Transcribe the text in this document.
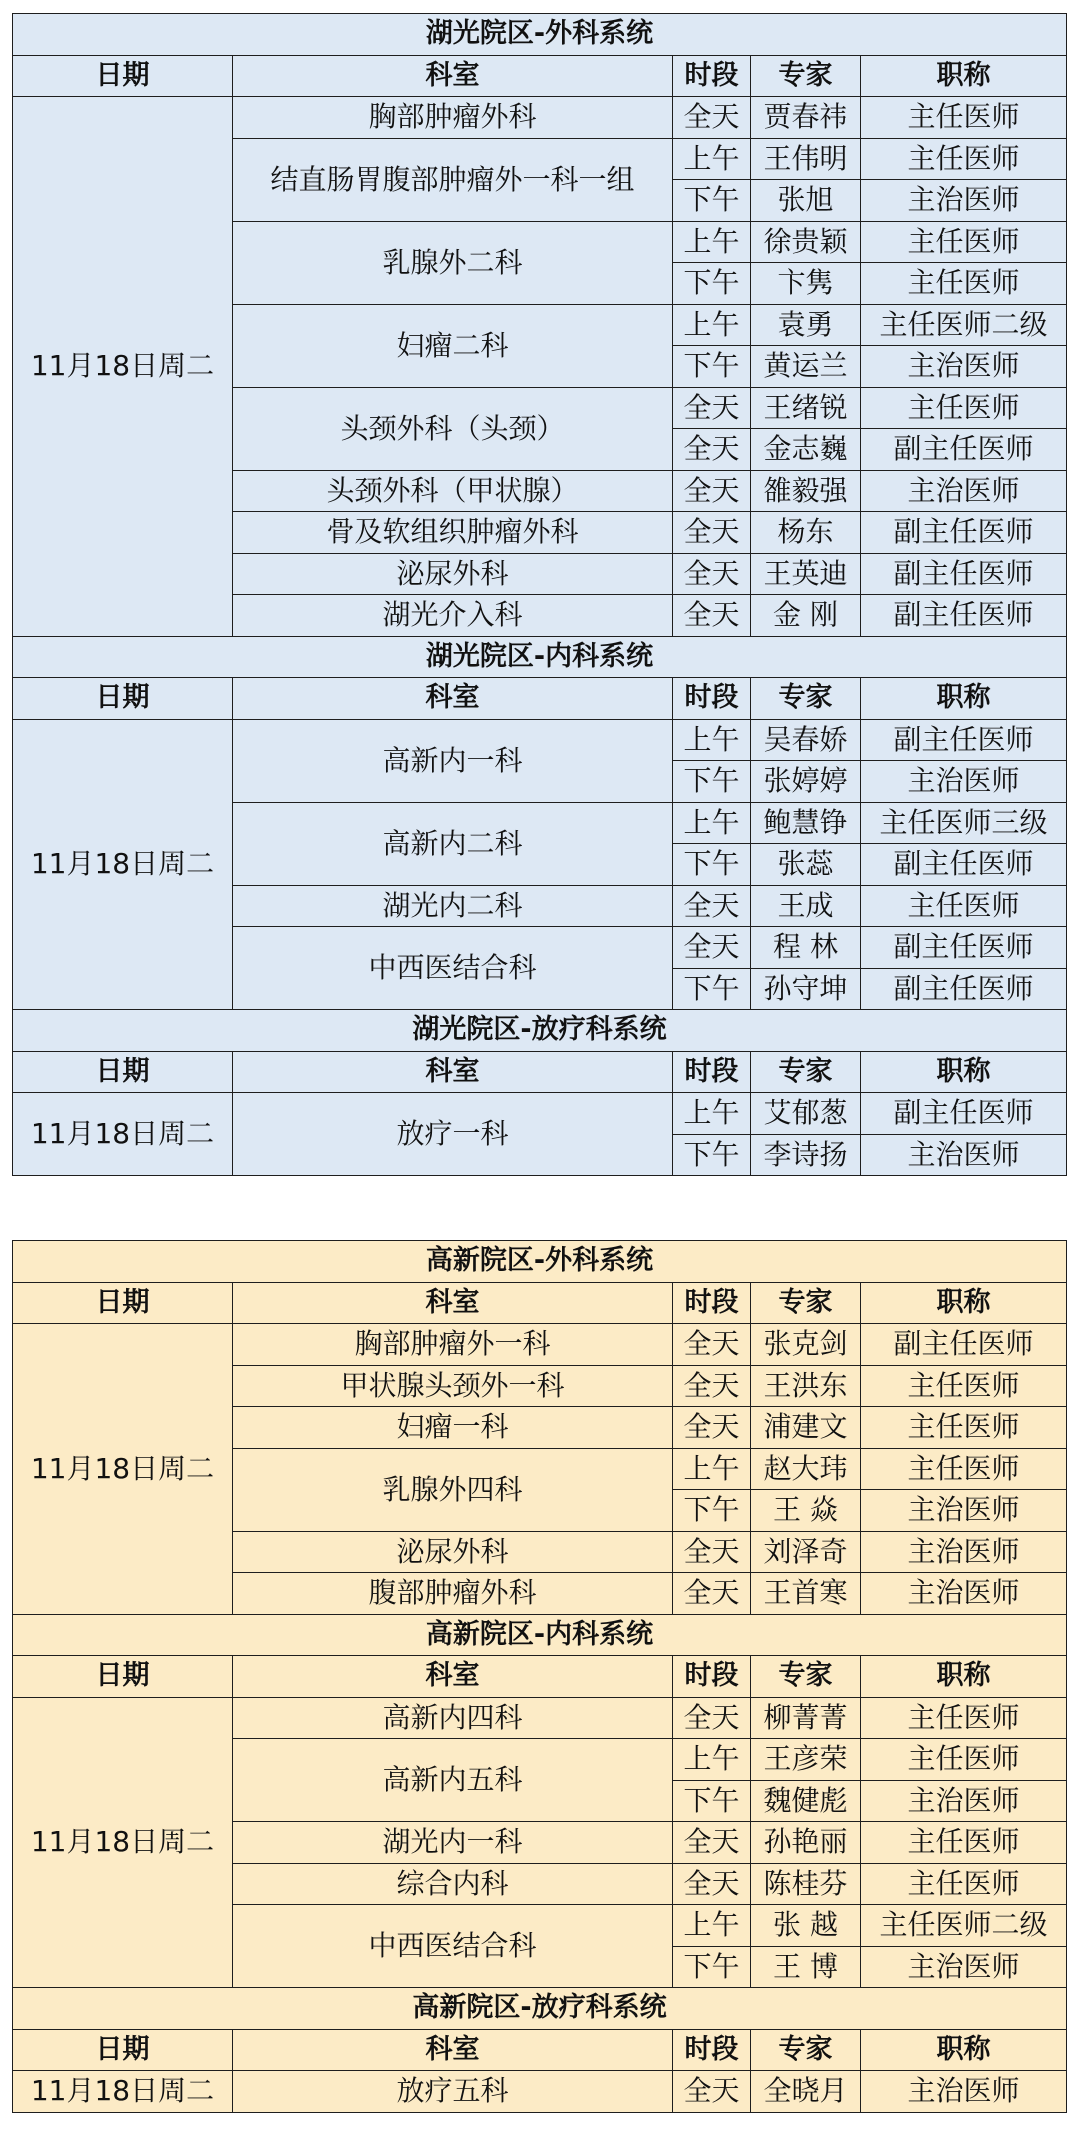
湖光院区-外科系统				
日期	科室	时段	专家	职称
11月18日周二	胸部肿瘤外科	全天	贾春祎	主任医师
	结直肠胃腹部肿瘤外一科一组	上午	王伟明	主任医师
		下午	张旭	主治医师
	乳腺外二科	上午	徐贵颖	主任医师
		下午	卞隽	主任医师
	妇瘤二科	上午	袁勇	主任医师二级
		下午	黄运兰	主治医师
	头颈外科（头颈）	全天	王绪锐	主任医师
		全天	金志巍	副主任医师
	头颈外科（甲状腺）	全天	雒毅强	主治医师
	骨及软组织肿瘤外科	全天	杨东	副主任医师
	泌尿外科	全天	王英迪	副主任医师
	湖光介入科	全天	金 刚	副主任医师
湖光院区-内科系统				
日期	科室	时段	专家	职称
11月18日周二	高新内一科	上午	吴春娇	副主任医师
		下午	张婷婷	主治医师
	高新内二科	上午	鲍慧铮	主任医师三级
		下午	张蕊	副主任医师
	湖光内二科	全天	王成	主任医师
	中西医结合科	全天	程 林	副主任医师
		下午	孙守坤	副主任医师
湖光院区-放疗科系统				
日期	科室	时段	专家	职称
11月18日周二	放疗一科	上午	艾郁葱	副主任医师
		下午	李诗扬	主治医师
高新院区-外科系统				
日期	科室	时段	专家	职称
11月18日周二	胸部肿瘤外一科	全天	张克剑	副主任医师
	甲状腺头颈外一科	全天	王洪东	主任医师
	妇瘤一科	全天	浦建文	主任医师
	乳腺外四科	上午	赵大玮	主任医师
		下午	王 焱	主治医师
	泌尿外科	全天	刘泽奇	主治医师
	腹部肿瘤外科	全天	王首寒	主治医师
高新院区-内科系统				
日期	科室	时段	专家	职称
11月18日周二	高新内四科	全天	柳菁菁	主任医师
	高新内五科	上午	王彦荣	主任医师
		下午	魏健彪	主治医师
	湖光内一科	全天	孙艳丽	主任医师
	综合内科	全天	陈桂芬	主任医师
	中西医结合科	上午	张 越	主任医师二级
		下午	王 博	主治医师
高新院区-放疗科系统				
日期	科室	时段	专家	职称
11月18日周二	放疗五科	全天	全晓月	主治医师
